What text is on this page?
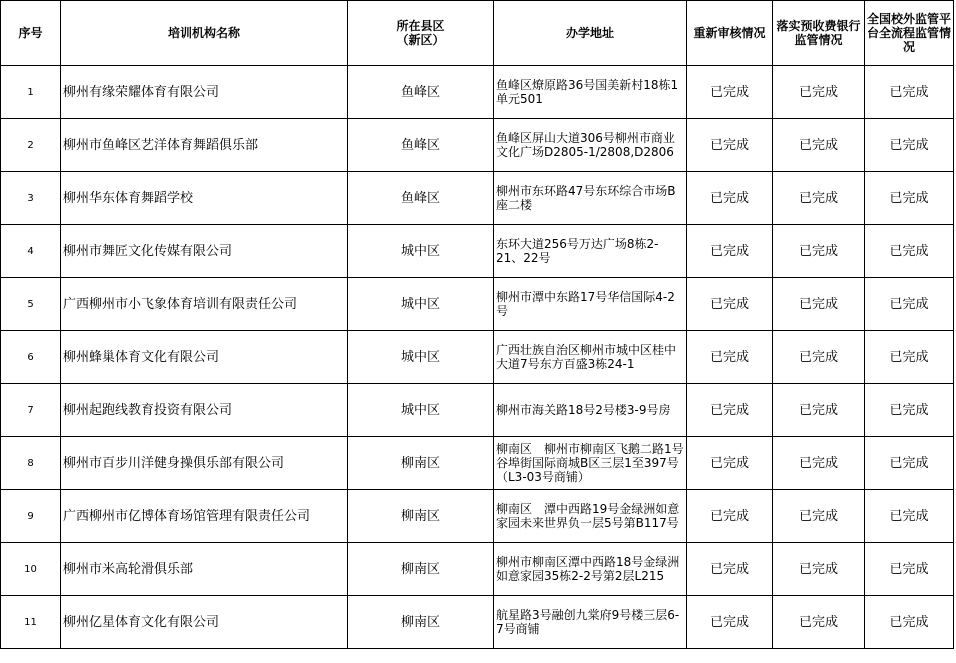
序号	培训机构名称	所在县区（新区）	办学地址	重新审核情况	落实预收费银行监管情况	全国校外监管平台全流程监管情况
1	柳州有缘荣耀体育有限公司	鱼峰区	鱼峰区燎原路36号国美新村18栋1单元501	已完成	已完成	已完成
2	柳州市鱼峰区艺洋体育舞蹈俱乐部	鱼峰区	鱼峰区屏山大道306号柳州市商业文化广场D2805-1/2808,D2806	已完成	已完成	已完成
3	柳州华东体育舞蹈学校	鱼峰区	柳州市东环路47号东环综合市场B座二楼	已完成	已完成	已完成
4	柳州市舞匠文化传媒有限公司	城中区	东环大道256号万达广场8栋2-21、22号	已完成	已完成	已完成
5	广西柳州市小飞象体育培训有限责任公司	城中区	柳州市潭中东路17号华信国际4-2号	已完成	已完成	已完成
6	柳州蜂巢体育文化有限公司	城中区	广西壮族自治区柳州市城中区桂中大道7号东方百盛3栋24-1	已完成	已完成	已完成
7	柳州起跑线教育投资有限公司	城中区	柳州市海关路18号2号楼3-9号房	已完成	已完成	已完成
8	柳州市百步川洋健身操俱乐部有限公司	柳南区	柳南区　柳州市柳南区飞鹅二路1号谷埠街国际商城B区三层1至397号（L3-03号商铺）	已完成	已完成	已完成
9	广西柳州市亿博体育场馆管理有限责任公司	柳南区	柳南区　潭中西路19号金绿洲如意家园未来世界负一层5号第B117号	已完成	已完成	已完成
10	柳州市米高轮滑俱乐部	柳南区	柳州市柳南区潭中西路18号金绿洲如意家园35栋2-2号第2层L215	已完成	已完成	已完成
11	柳州亿星体育文化有限公司	柳南区	航星路3号融创九棠府9号楼三层6-7号商铺	已完成	已完成	已完成
